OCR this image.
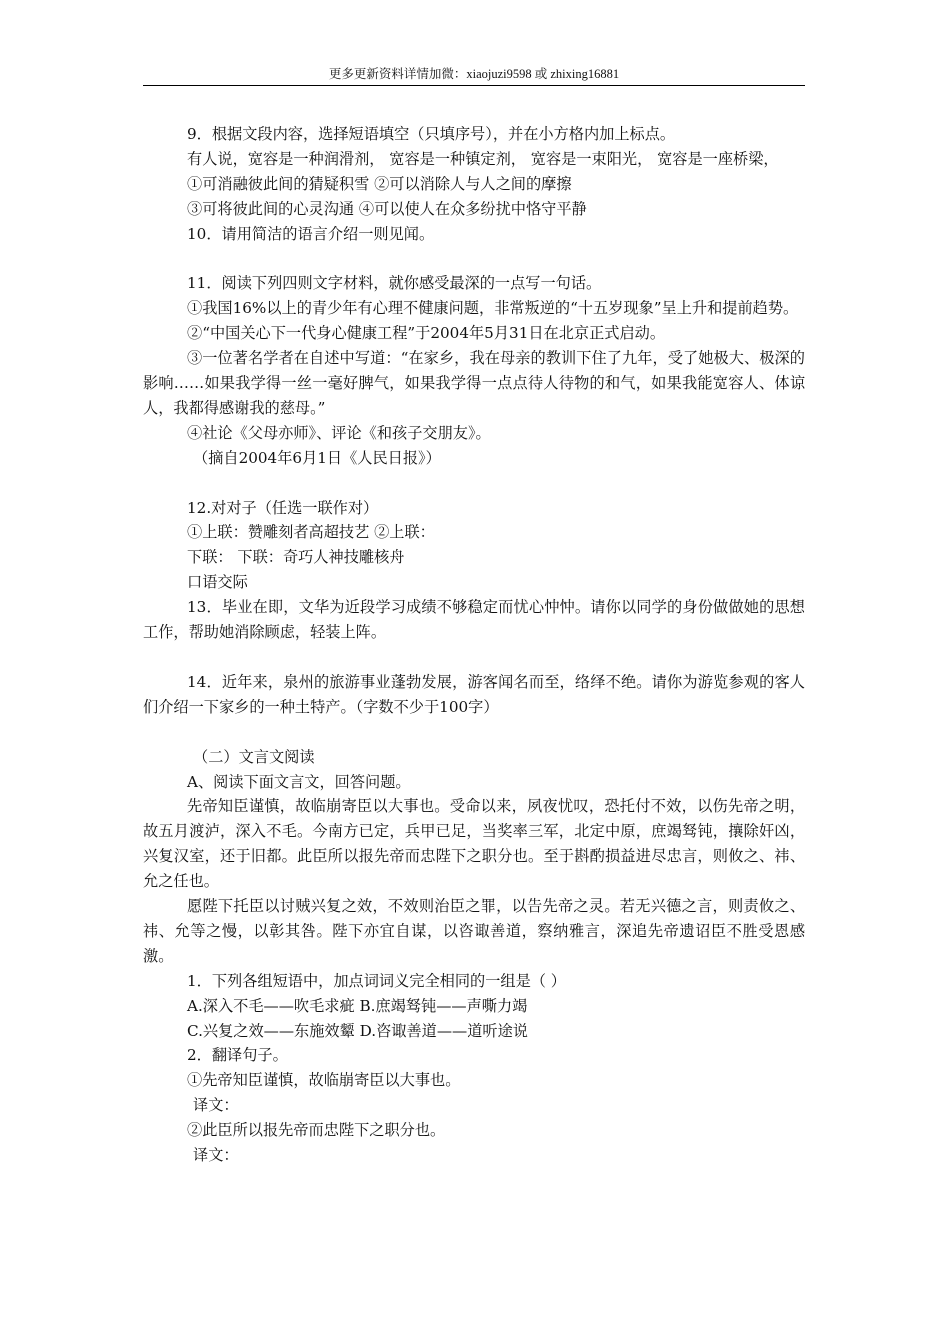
更多更新资料详情加微：xiaojuzi9598 或 zhixing16881

9．根据文段内容，选择短语填空（只填序号），并在小方格内加上标点。

有人说，宽容是一种润滑剂， 宽容是一种镇定剂， 宽容是一束阳光， 宽容是一座桥梁，

①可消融彼此间的猜疑积雪 ②可以消除人与人之间的摩擦

③可将彼此间的心灵沟通 ④可以使人在众多纷扰中恪守平静

10．请用简洁的语言介绍一则见闻。

11．阅读下列四则文字材料，就你感受最深的一点写一句话。

①我国16%以上的青少年有心理不健康问题，非常叛逆的“十五岁现象”呈上升和提前趋势。

②“中国关心下一代身心健康工程”于2004年5月31日在北京正式启动。

③一位著名学者在自述中写道：“在家乡，我在母亲的教训下住了九年，受了她极大、极深的影响……如果我学得一丝一毫好脾气，如果我学得一点点待人待物的和气，如果我能宽容人、体谅人，我都得感谢我的慈母。”

④社论《父母亦师》、评论《和孩子交朋友》。

（摘自2004年6月1日《人民日报》）

12.对对子（任选一联作对）

①上联：赞雕刻者高超技艺 ②上联：

下联： 下联：奇巧人神技雕核舟

口语交际

13．毕业在即，文华为近段学习成绩不够稳定而忧心忡忡。请你以同学的身份做做她的思想工作，帮助她消除顾虑，轻装上阵。

14．近年来，泉州的旅游事业蓬勃发展，游客闻名而至，络绎不绝。请你为游览参观的客人们介绍一下家乡的一种土特产。（字数不少于100字）

（二）文言文阅读

A、阅读下面文言文，回答问题。

先帝知臣谨慎，故临崩寄臣以大事也。受命以来，夙夜忧叹，恐托付不效，以伤先帝之明，故五月渡泸，深入不毛。今南方已定，兵甲已足，当奖率三军，北定中原，庶竭驽钝，攘除奸凶，兴复汉室，还于旧都。此臣所以报先帝而忠陛下之职分也。至于斟酌损益进尽忠言，则攸之、祎、允之任也。

愿陛下托臣以讨贼兴复之效，不效则治臣之罪，以告先帝之灵。若无兴德之言，则责攸之、祎、允等之慢，以彰其咎。陛下亦宜自谋，以咨诹善道，察纳雅言，深追先帝遗诏臣不胜受恩感激。

1．下列各组短语中，加点词词义完全相同的一组是（ ）

A.深入不毛——吹毛求疵 B.庶竭驽钝——声嘶力竭

C.兴复之效——东施效颦 D.咨诹善道——道听途说

2．翻译句子。

①先帝知臣谨慎，故临崩寄臣以大事也。

译文：

②此臣所以报先帝而忠陛下之职分也。

译文：
